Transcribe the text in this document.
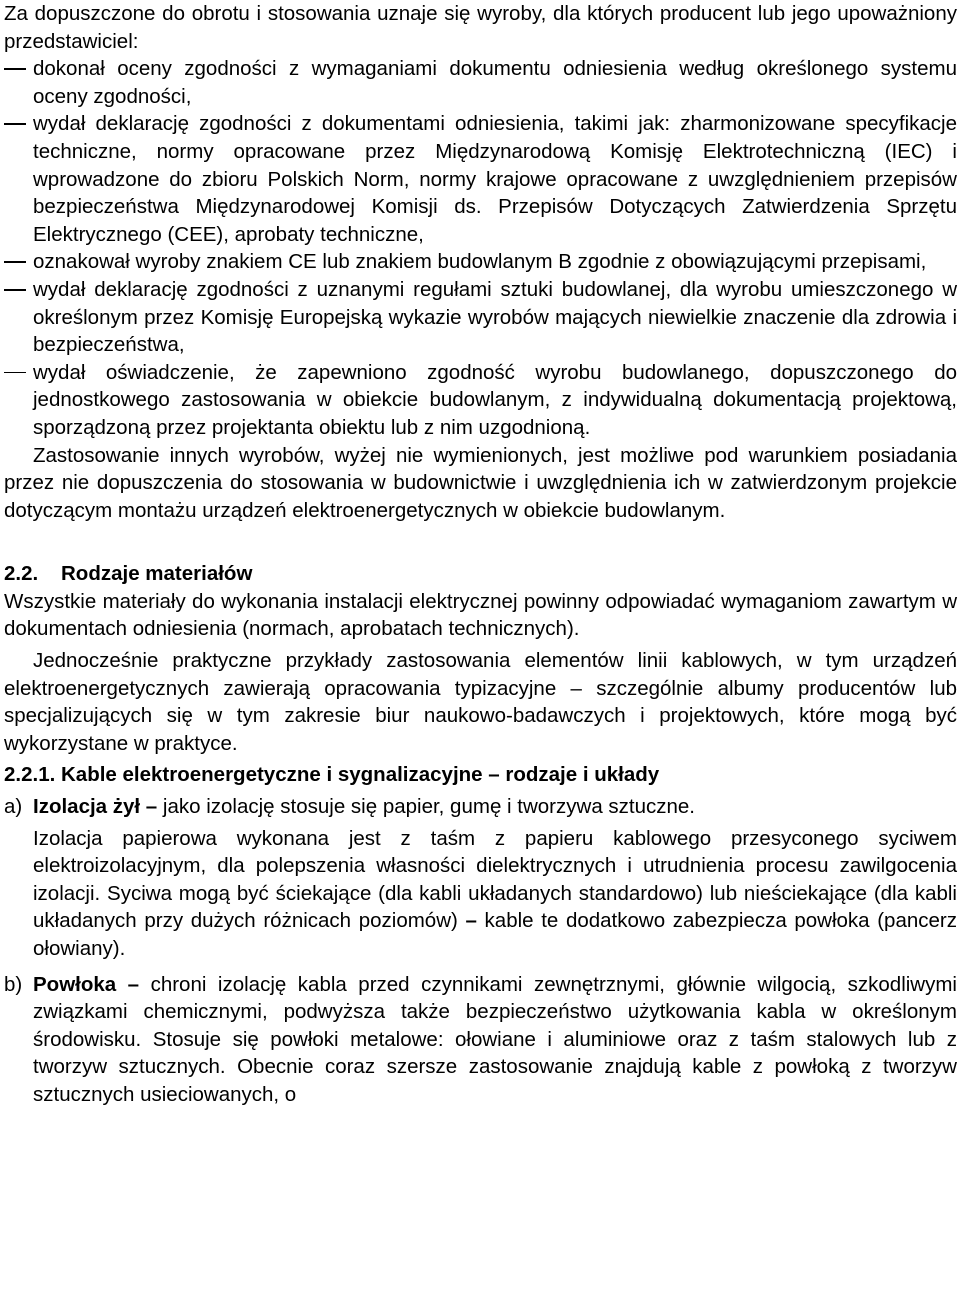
Za dopuszczone do obrotu i stosowania uznaje się wyroby, dla których producent lub jego upoważniony przedstawiciel:

dokonał oceny zgodności z wymaganiami dokumentu odniesienia według określonego systemu oceny zgodności,
wydał deklarację zgodności z dokumentami odniesienia, takimi jak: zharmonizowane specyfikacje techniczne, normy opracowane przez Międzynarodową Komisję Elektrotechniczną (IEC) i wprowadzone do zbioru Polskich Norm, normy krajowe opracowane z uwzględnieniem przepisów bezpieczeństwa Międzynarodowej Komisji ds. Przepisów Dotyczących Zatwierdzenia Sprzętu Elektrycznego (CEE), aprobaty techniczne,
oznakował wyroby znakiem CE lub znakiem budowlanym B zgodnie z obowiązującymi przepisami,
wydał deklarację zgodności z uznanymi regułami sztuki budowlanej, dla wyrobu umieszczonego w określonym przez Komisję Europejską wykazie wyrobów mających niewielkie znaczenie dla zdrowia i bezpieczeństwa,
wydał oświadczenie, że zapewniono zgodność wyrobu budowlanego, dopuszczonego do jednostkowego zastosowania w obiekcie budowlanym, z indywidualną dokumentacją projektową, sporządzoną przez projektanta obiektu lub z nim uzgodnioną.

Zastosowanie innych wyrobów, wyżej nie wymienionych, jest możliwe pod warunkiem posiadania przez nie dopuszczenia do stosowania w budownictwie i uwzględnienia ich w zatwierdzonym projekcie dotyczącym montażu urządzeń elektroenergetycznych w obiekcie budowlanym.

2.2. Rodzaje materiałów

Wszystkie materiały do wykonania instalacji elektrycznej powinny odpowiadać wymaganiom zawartym w dokumentach odniesienia (normach, aprobatach technicznych).

Jednocześnie praktyczne przykłady zastosowania elementów linii kablowych, w tym urządzeń elektroenergetycznych zawierają opracowania typizacyjne – szczególnie albumy producentów lub specjalizujących się w tym zakresie biur naukowo-badawczych i projektowych, które mogą być wykorzystane w praktyce.

2.2.1. Kable elektroenergetyczne i sygnalizacyjne – rodzaje i układy
a) Izolacja żył – jako izolację stosuje się papier, gumę i tworzywa sztuczne.
Izolacja papierowa wykonana jest z taśm z papieru kablowego przesyconego syciwem elektroizolacyjnym, dla polepszenia własności dielektrycznych i utrudnienia procesu zawilgocenia izolacji. Syciwa mogą być ściekające (dla kabli układanych standardowo) lub nieściekające (dla kabli układanych przy dużych różnicach poziomów) – kable te dodatkowo zabezpiecza powłoka (pancerz ołowiany).
b) Powłoka – chroni izolację kabla przed czynnikami zewnętrznymi, głównie wilgocią, szkodliwymi związkami chemicznymi, podwyższa także bezpieczeństwo użytkowania kabla w określonym środowisku. Stosuje się powłoki metalowe: ołowiane i aluminiowe oraz z taśm stalowych lub z tworzyw sztucznych. Obecnie coraz szersze zastosowanie znajdują kable z powłoką z tworzyw sztucznych usieciowanych, o
